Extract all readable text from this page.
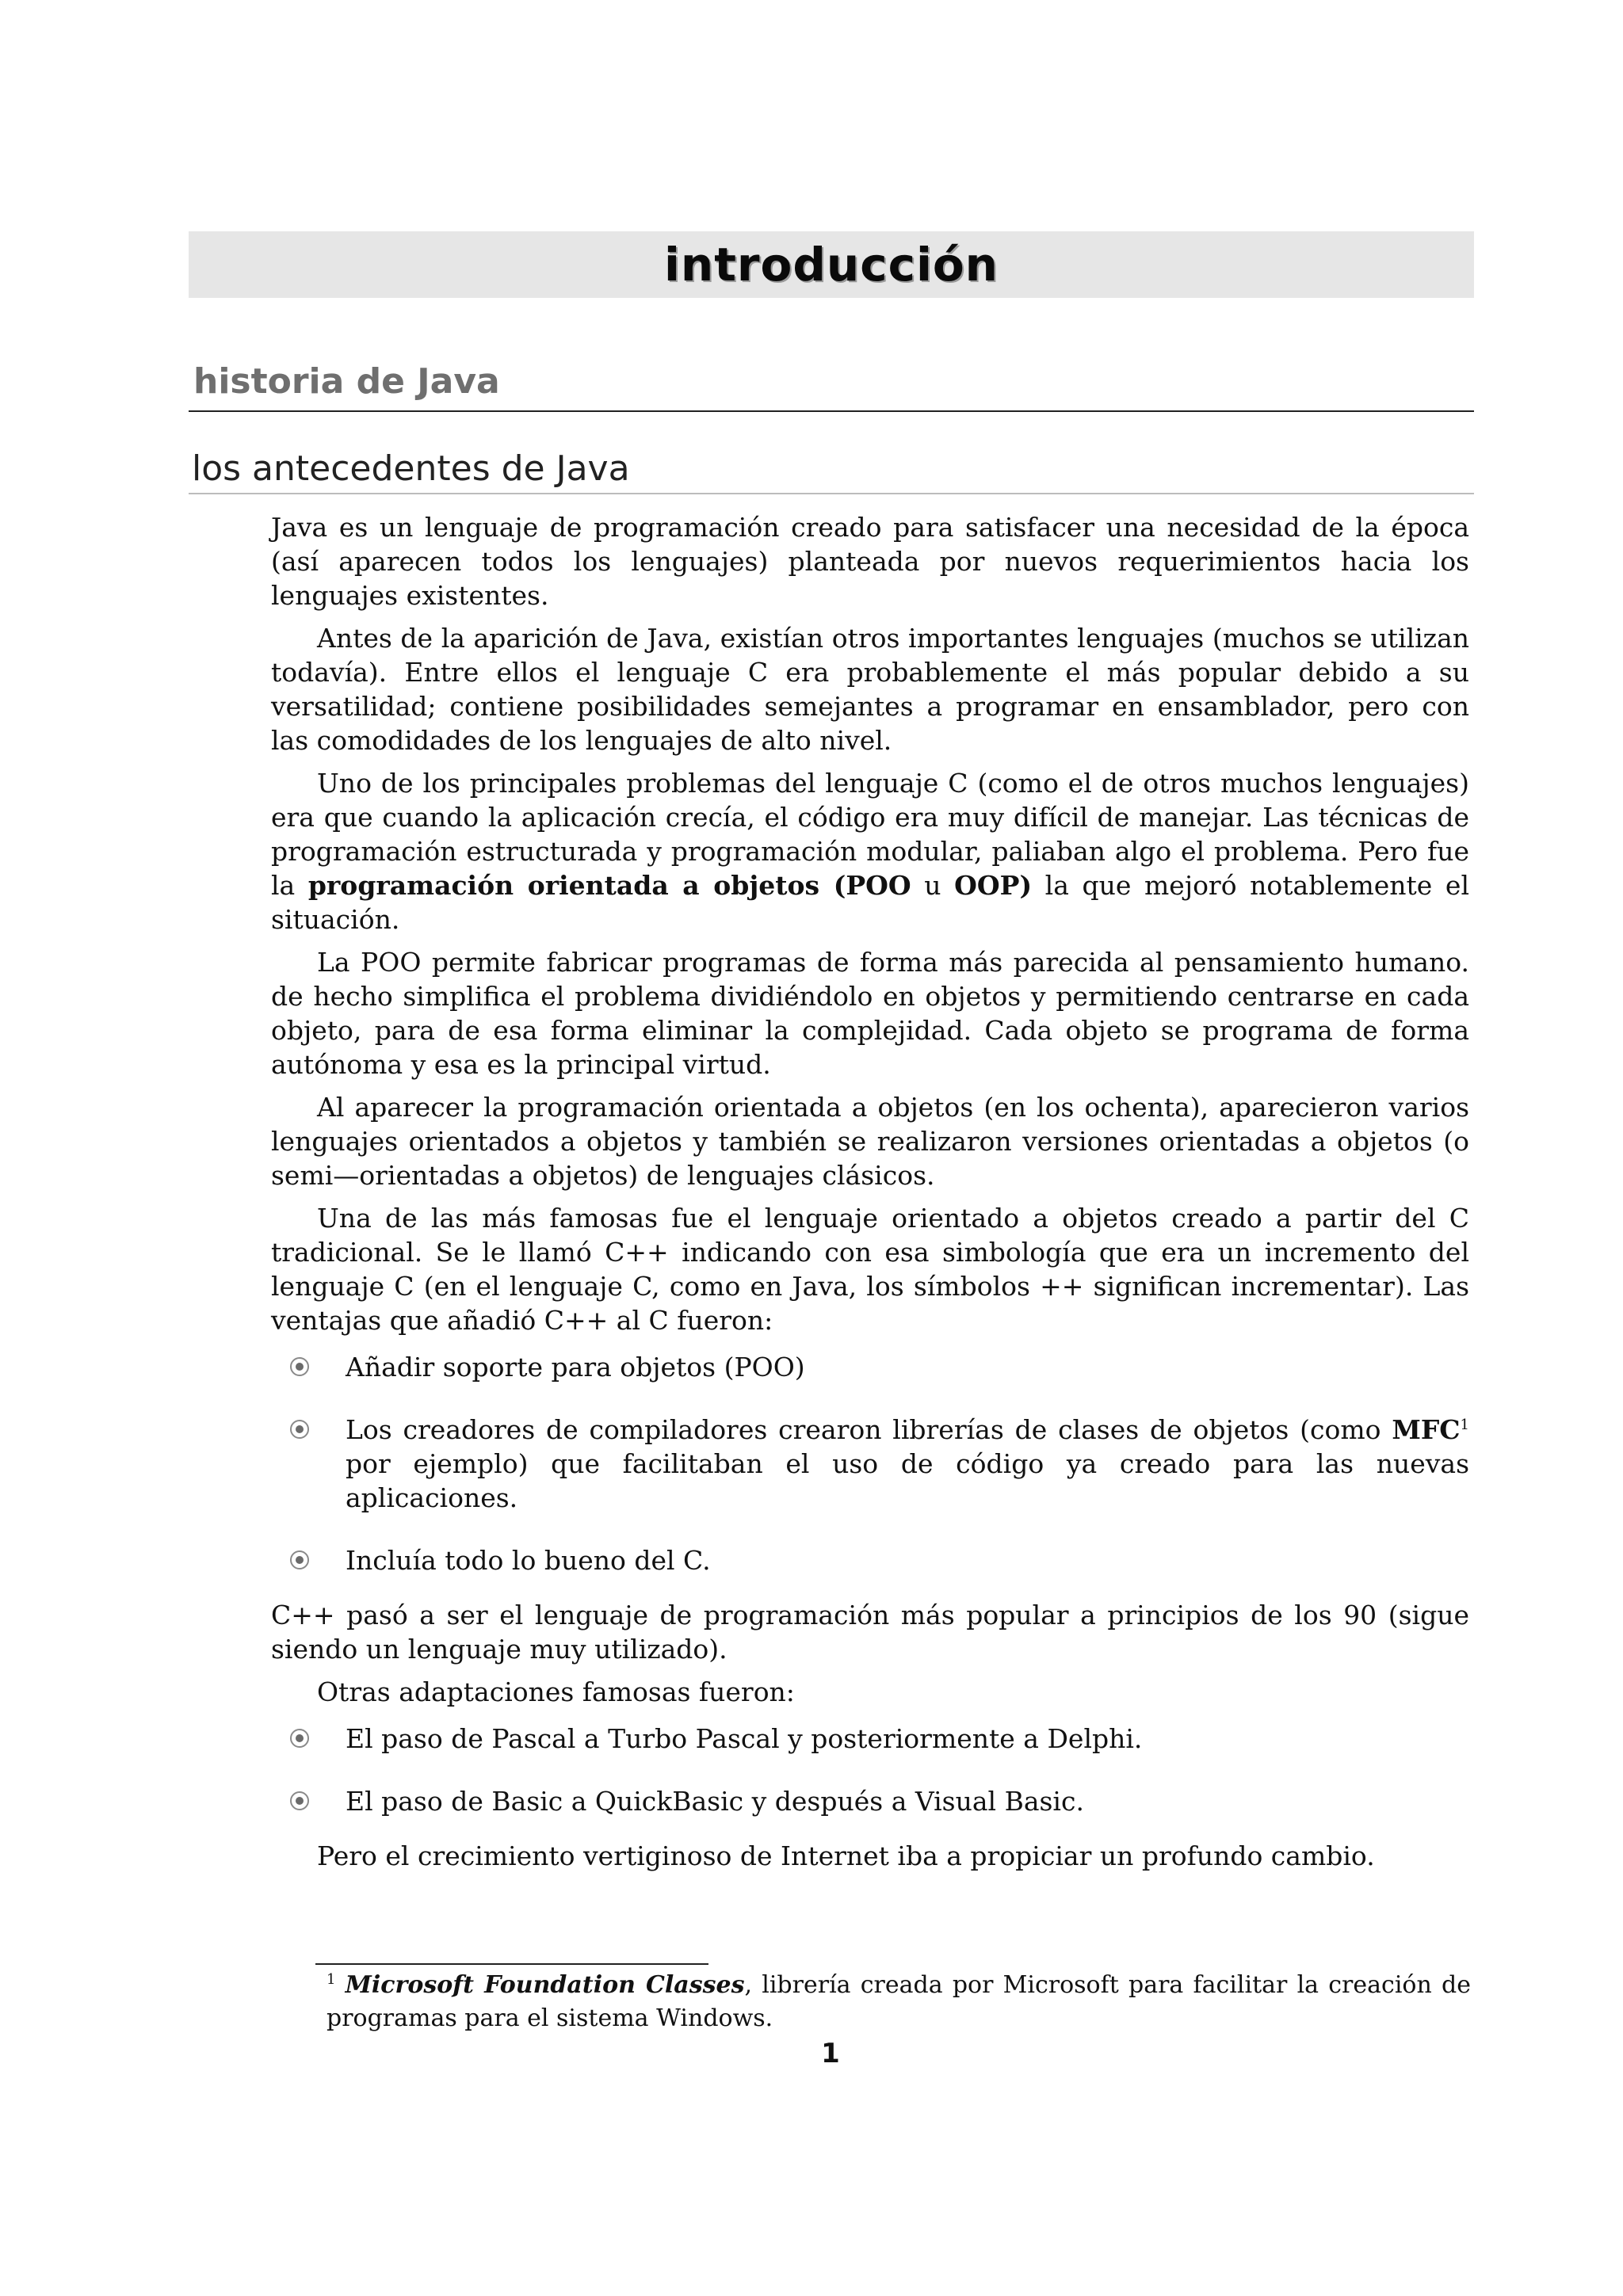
introducción
historia de Java
los antecedentes de Java

Java es un lenguaje de programación creado para satisfacer una necesidad de la época (así aparecen todos los lenguajes) planteada por nuevos requerimientos hacia los lenguajes existentes.

Antes de la aparición de Java, existían otros importantes lenguajes (muchos se utilizan todavía). Entre ellos el lenguaje C era probablemente el más popular debido a su versatilidad; contiene posibilidades semejantes a programar en ensamblador, pero con las comodidades de los lenguajes de alto nivel.

Uno de los principales problemas del lenguaje C (como el de otros muchos lenguajes) era que cuando la aplicación crecía, el código era muy difícil de manejar. Las técnicas de programación estructurada y programación modular, paliaban algo el problema. Pero fue la programación orientada a objetos (POO u OOP) la que mejoró notablemente el situación.

La POO permite fabricar programas de forma más parecida al pensamiento humano. de hecho simplifica el problema dividiéndolo en objetos y permitiendo centrarse en cada objeto, para de esa forma eliminar la complejidad. Cada objeto se programa de forma autónoma y esa es la principal virtud.

Al aparecer la programación orientada a objetos (en los ochenta), aparecieron varios lenguajes orientados a objetos y también se realizaron versiones orientadas a objetos (o semi—orientadas a objetos) de lenguajes clásicos.

Una de las más famosas fue el lenguaje orientado a objetos creado a partir del C tradicional. Se le llamó C++ indicando con esa simbología que era un incremento del lenguaje C (en el lenguaje C, como en Java, los símbolos ++ significan incrementar). Las ventajas que añadió C++ al C fueron:

Añadir soporte para objetos (POO)
Los creadores de compiladores crearon librerías de clases de objetos (como MFC$^1$ por ejemplo) que facilitaban el uso de código ya creado para las nuevas aplicaciones.
Incluía todo lo bueno del C.

C++ pasó a ser el lenguaje de programación más popular a principios de los 90 (sigue siendo un lenguaje muy utilizado).

Otras adaptaciones famosas fueron:

El paso de Pascal a Turbo Pascal y posteriormente a Delphi.
El paso de Basic a QuickBasic y después a Visual Basic.

Pero el crecimiento vertiginoso de Internet iba a propiciar un profundo cambio.

$^1$ Microsoft Foundation Classes, librería creada por Microsoft para facilitar la creación de programas para el sistema Windows.
1
